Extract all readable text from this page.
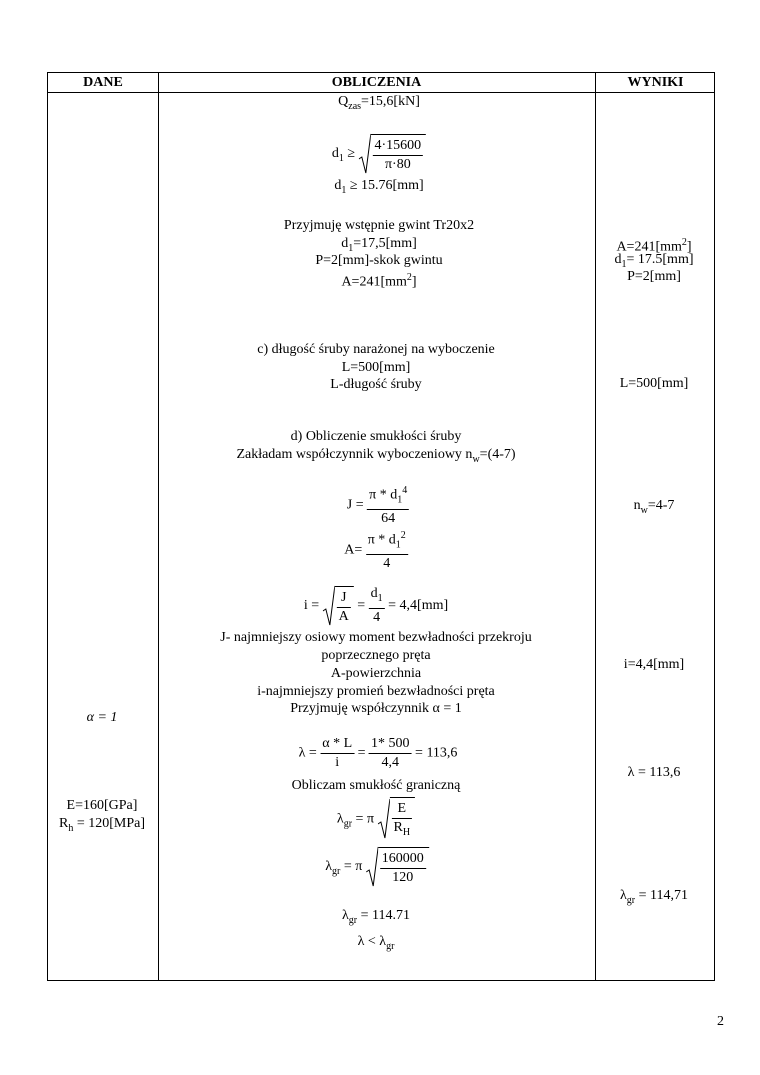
DANE	OBLICZENIA	WYNIKI
α = 1
E=160[GPa]
$R_h = 120[MPa]$
$Q_{zas}=15,6[kN]$
$d_1 \ge \frac{4\cdot 15600}{\pi\cdot 80}$
$d_1 \ge 15.76[mm]$
Przyjmuję wstępnie gwint Tr20x2
$d_1=17,5[mm]$
P=2[mm]-skok gwintu
$A=241[mm^2]$
c) długość śruby narażonej na wyboczenie
L=500[mm]
L-długość śruby
d) Obliczenie smukłości śruby
Zakładam współczynnik wyboczeniowy $n_w=(4-7)$
$J = \frac{\pi * d_1^4}{64}$
$A= \frac{\pi * d_1^2}{4}$
$i = \frac{J}{A} = \frac{d_1}{4} = 4,4[mm]$
J- najmniejszy osiowy moment bezwładności przekroju
poprzecznego pręta
A-powierzchnia
i-najmniejszy promień bezwładności pręta
Przyjmuję współczynnik α = 1
$\lambda = \frac{\alpha * L}{i} = \frac{1* 500}{4,4} = 113,6$
Obliczam smukłość graniczną
$\lambda_{gr} = \pi \frac{E}{R_H}$
$\lambda_{gr} = \pi \frac{160000}{120}$
$\lambda_{gr} = 114.71$
$\lambda < \lambda_{gr}$
$A=241[mm^2]$
$d_1= 17.5[mm]$
P=2[mm]
L=500[mm]
$n_w=4-7$
i=4,4[mm]
λ = 113,6
$\lambda_{gr} = 114,71$
2
